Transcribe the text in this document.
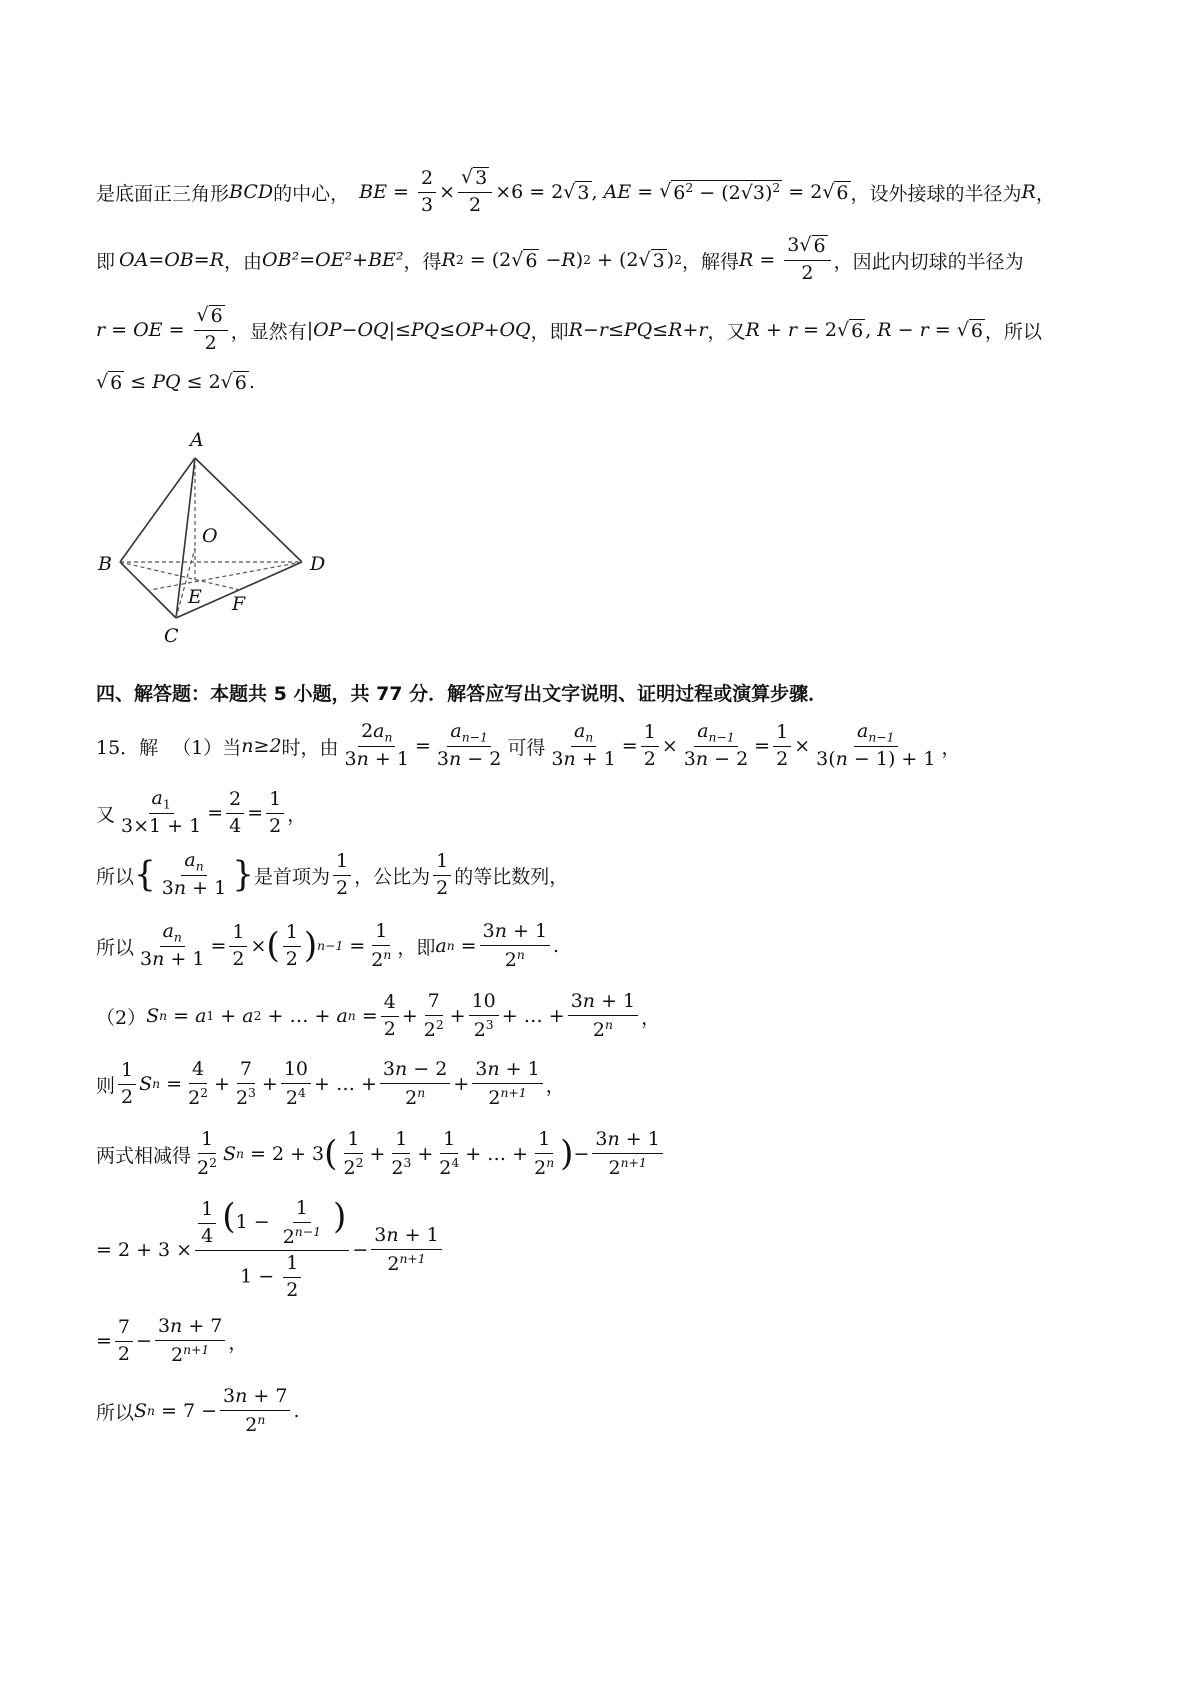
是底面正三角形 BCD 的中心， BE = $\frac{2}{3} \times \frac{√ 3}{2} \times 6 = 2$ √ 3 , AE = √ $6^2 - (2√3)^2 = 2$ √ 6 ，设外接球的半径为 R ，
即 OA=OB=R ，由 OB²=OE²+BE² ，得 R 2 = (2 √ 6 − R ) 2 + (2 √ 3 ) 2 ，解得 $R = \frac{3 √ 6}{2}$ ，因此内切球的半径为
r = OE = $\frac{√ 6}{2}$ ，显然有 |OP−OQ|≤PQ≤OP+OQ ，即 R−r≤PQ≤R+r ，又 R + r = 2 √ 6 , R − r = √ 6 ，所以
√ 6 ≤ PQ ≤ 2 √ 6 .
A
O
B	D
E F
C
四、解答题：本题共 5 小题，共 77 分．解答应写出文字说明、证明过程或演算步骤．
15．解 （1）当 n≥2 时，由 $\frac{2a_n}{3n + 1} = \frac{a_{n-1}}{3n - 2}$ 可得 $\frac{a_n}{3n + 1} = \frac{1}{2} \times \frac{a_{n-1}}{3n - 2} = \frac{1}{2} \times \frac{a_{n-1}}{3(n - 1) + 1}$ ，
又 $\frac{a_1}{3\times 1 + 1} = \frac{2}{4} = \frac{1}{2}$ ，
所以 { $\frac{a_n}{3n + 1}$ } 是首项为 $\frac{1}{2}$ ，公比为 $\frac{1}{2}$ 的等比数列，
所以 $\frac{a_n}{3n + 1} = \frac{1}{2}$ × ( $\frac{1}{2}$ ) $n-1 = \frac{1}{2^n}$ ，即 a $n = \frac{3n + 1}{2^n}$ .
（2） S n = a 1 + a 2 + … + a $n = \frac{4}{2} + \frac{7}{2^2} + \frac{10}{2^3}$ + … + $\frac{3n + 1}{2^n}$ ，
则 $\frac{1}{2}$ S $n = \frac{4}{2^2} + \frac{7}{2^3} + \frac{10}{2^4}$ + … + $\frac{3n - 2}{2^n} + \frac{3n + 1}{2^{n+1}}$ ，
两式相减得 $\frac{1}{2^2}$ S n = 2 + 3 ( $\frac{1}{2^2} + \frac{1}{2^3} + \frac{1}{2^4}$ + … + $\frac{1}{2^n}$ ) − $\frac{3n + 1}{2^{n+1}}$
= $2 + 3 \times \frac{\frac{1}{4} (1 - \frac{1}{2^{n-1}} )}{1 - \frac{1}{2}} - \frac{3n + 1}{2^{n+1}}$
= $\frac{7}{2} - \frac{3n + 7}{2^{n+1}}$ ，
所以 S $n = 7 - \frac{3n + 7}{2^n}$ .
